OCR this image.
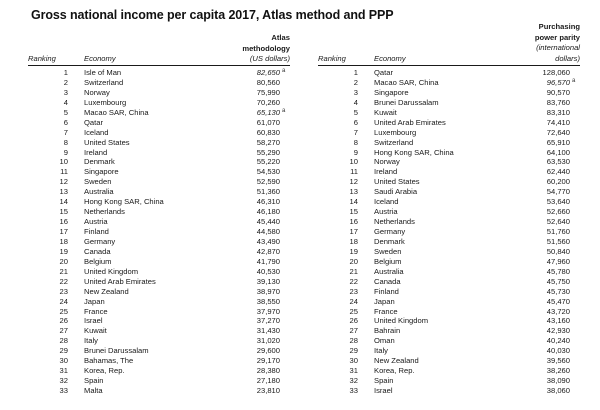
Gross national income per capita 2017, Atlas method and PPP
Atlas
methodology
(US dollars)
Ranking	Economy
1 Isle of Man	82,650 a
2 Switzerland	80,560
3 Norway	75,990
4 Luxembourg	70,260
5 Macao SAR, China	65,130 a
6 Qatar	61,070
7 Iceland	60,830
8 United States	58,270
9 Ireland	55,290
10 Denmark	55,220
11 Singapore	54,530
12 Sweden	52,590
13 Australia	51,360
14 Hong Kong SAR, China	46,310
15 Netherlands	46,180
16 Austria	45,440
17 Finland	44,580
18 Germany	43,490
19 Canada	42,870
20 Belgium	41,790
21 United Kingdom	40,530
22 United Arab Emirates	39,130
23 New Zealand	38,970
24 Japan	38,550
25 France	37,970
26 Israel	37,270
27 Kuwait	31,430
28 Italy	31,020
29 Brunei Darussalam	29,600
30 Bahamas, The	29,170
31 Korea, Rep.	28,380
32 Spain	27,180
33 Malta	23,810
Purchasing
power parity
(international
dollars)
Ranking	Economy
1 Qatar	128,060
2 Macao SAR, China	96,570 a
3 Singapore	90,570
4 Brunei Darussalam	83,760
5 Kuwait	83,310
6 United Arab Emirates	74,410
7 Luxembourg	72,640
8 Switzerland	65,910
9 Hong Kong SAR, China	64,100
10 Norway	63,530
11 Ireland	62,440
12 United States	60,200
13 Saudi Arabia	54,770
14 Iceland	53,640
15 Austria	52,660
16 Netherlands	52,640
17 Germany	51,760
18 Denmark	51,560
19 Sweden	50,840
20 Belgium	47,960
21 Australia	45,780
22 Canada	45,750
23 Finland	45,730
24 Japan	45,470
25 France	43,720
26 United Kingdom	43,160
27 Bahrain	42,930
28 Oman	40,240
29 Italy	40,030
30 New Zealand	39,560
31 Korea, Rep.	38,260
32 Spain	38,090
33 Israel	38,060
